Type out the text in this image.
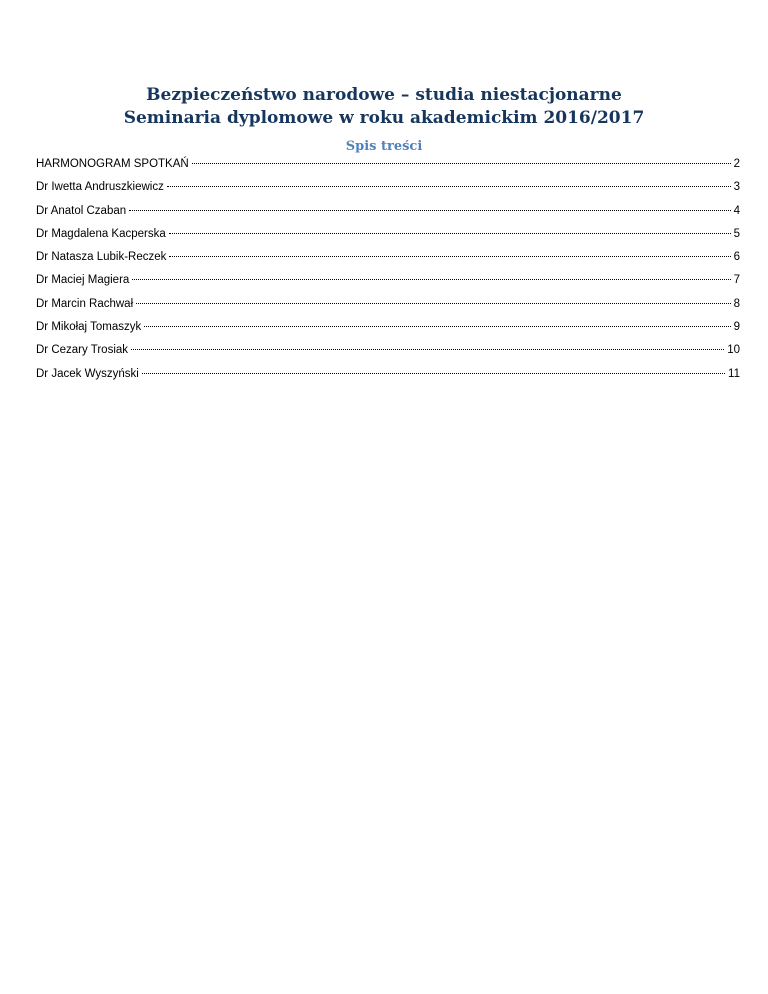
Bezpieczeństwo narodowe – studia niestacjonarne
Seminaria dyplomowe w roku akademickim 2016/2017
Spis treści
HARMONOGRAM SPOTKAŃ	2
Dr Iwetta Andruszkiewicz	3
Dr Anatol Czaban	4
Dr Magdalena Kacperska	5
Dr Natasza Lubik-Reczek	6
Dr Maciej Magiera	7
Dr Marcin Rachwał	8
Dr Mikołaj Tomaszyk	9
Dr Cezary Trosiak	10
Dr Jacek Wyszyński	11
